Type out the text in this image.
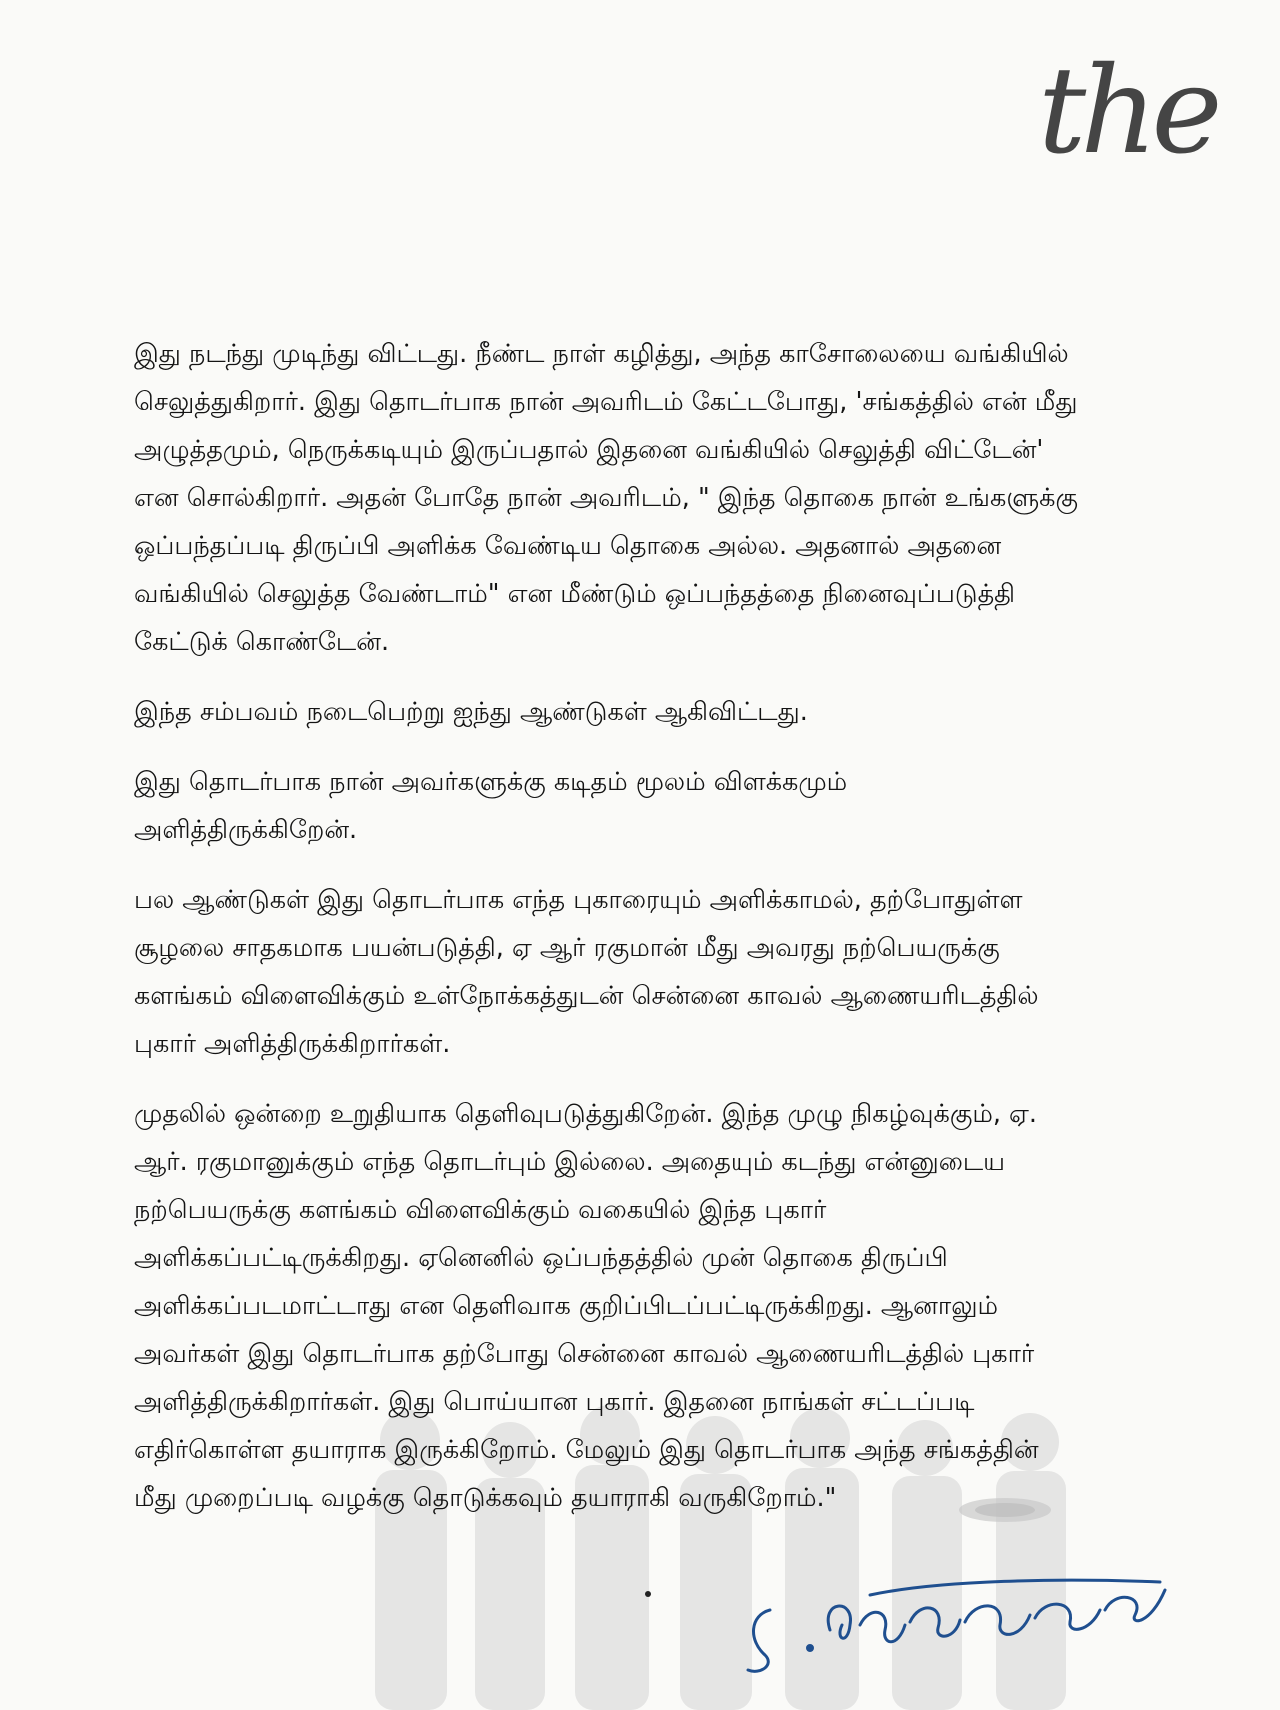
the

இது நடந்து முடிந்து விட்டது. நீண்ட நாள் கழித்து, அந்த காசோலையை வங்கியில்
செலுத்துகிறார். இது தொடர்பாக நான் அவரிடம் கேட்டபோது, 'சங்கத்தில் என் மீது
அழுத்தமும், நெருக்கடியும் இருப்பதால் இதனை வங்கியில் செலுத்தி விட்டேன்'
என சொல்கிறார். அதன் போதே நான் அவரிடம், " இந்த தொகை நான் உங்களுக்கு
ஒப்பந்தப்படி திருப்பி அளிக்க வேண்டிய தொகை அல்ல. அதனால் அதனை
வங்கியில் செலுத்த வேண்டாம்" என மீண்டும் ஒப்பந்தத்தை நினைவுப்படுத்தி
கேட்டுக் கொண்டேன்.

இந்த சம்பவம் நடைபெற்று ஐந்து ஆண்டுகள் ஆகிவிட்டது.

இது தொடர்பாக நான் அவர்களுக்கு கடிதம் மூலம் விளக்கமும்
அளித்திருக்கிறேன்.

பல ஆண்டுகள் இது தொடர்பாக எந்த புகாரையும் அளிக்காமல், தற்போதுள்ள
சூழலை சாதகமாக பயன்படுத்தி, ஏ ஆர் ரகுமான் மீது அவரது நற்பெயருக்கு
களங்கம் விளைவிக்கும் உள்நோக்கத்துடன் சென்னை காவல் ஆணையரிடத்தில்
புகார் அளித்திருக்கிறார்கள்.

முதலில் ஒன்றை உறுதியாக தெளிவுபடுத்துகிறேன். இந்த முழு நிகழ்வுக்கும், ஏ.
ஆர். ரகுமானுக்கும் எந்த தொடர்பும் இல்லை. அதையும் கடந்து என்னுடைய
நற்பெயருக்கு களங்கம் விளைவிக்கும் வகையில் இந்த புகார்
அளிக்கப்பட்டிருக்கிறது. ஏனெனில் ஒப்பந்தத்தில் முன் தொகை திருப்பி
அளிக்கப்படமாட்டாது என தெளிவாக குறிப்பிடப்பட்டிருக்கிறது. ஆனாலும்
அவர்கள் இது தொடர்பாக தற்போது சென்னை காவல் ஆணையரிடத்தில் புகார்
அளித்திருக்கிறார்கள். இது பொய்யான புகார். இதனை நாங்கள் சட்டப்படி
எதிர்கொள்ள தயாராக இருக்கிறோம். மேலும் இது தொடர்பாக அந்த சங்கத்தின்
மீது முறைப்படி வழக்கு தொடுக்கவும் தயாராகி வருகிறோம்."
